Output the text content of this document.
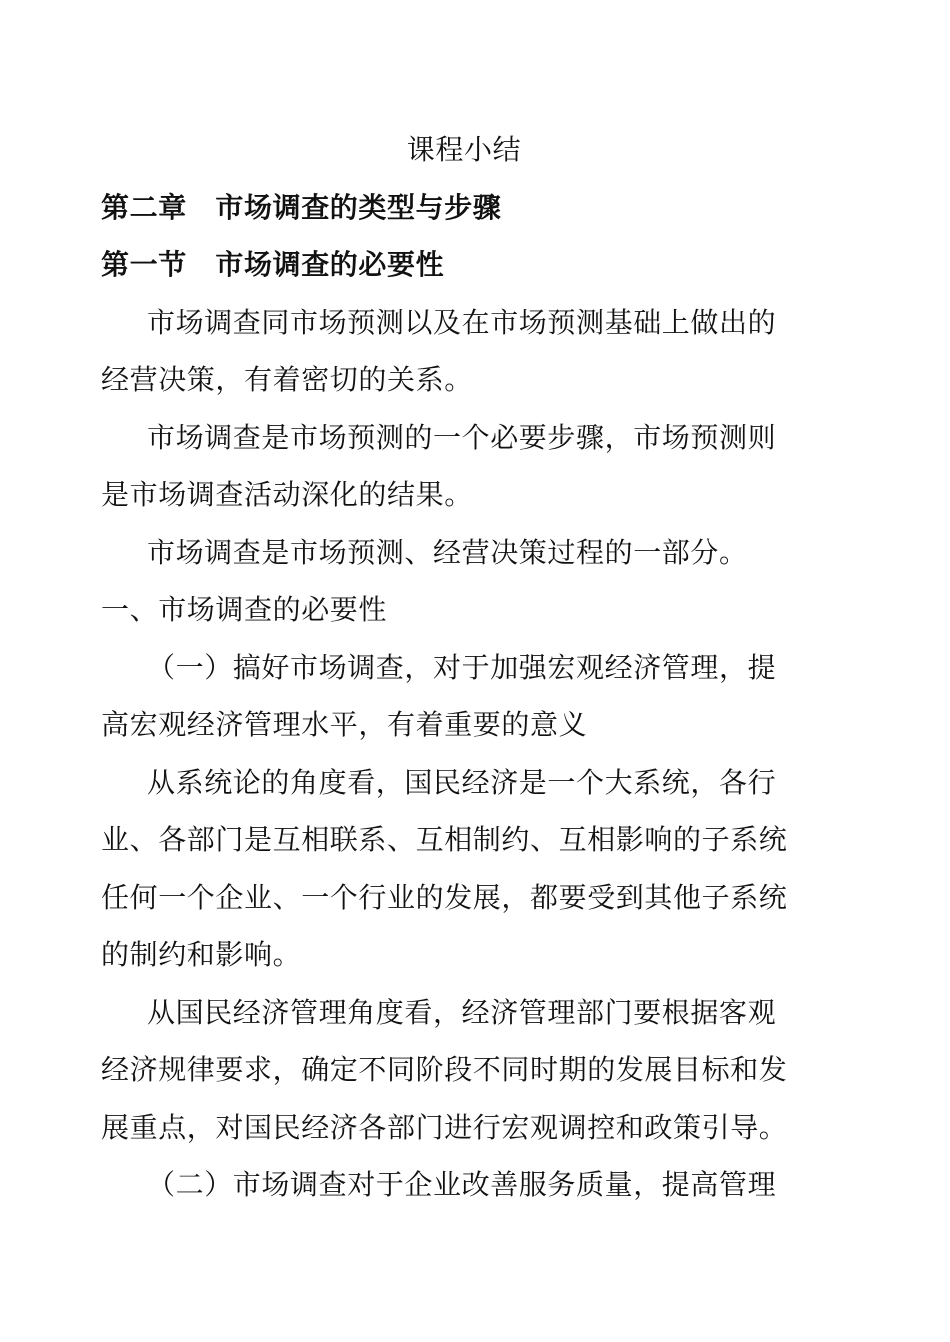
课程小结
第二章　市场调查的类型与步骤
第一节　市场调查的必要性
市场调查同市场预测以及在市场预测基础上做出的
经营决策，有着密切的关系。
市场调查是市场预测的一个必要步骤，市场预测则
是市场调查活动深化的结果。
市场调查是市场预测、经营决策过程的一部分。
一、市场调查的必要性
（一）搞好市场调查，对于加强宏观经济管理，提
高宏观经济管理水平，有着重要的意义
从系统论的角度看，国民经济是一个大系统，各行
业、各部门是互相联系、互相制约、互相影响的子系统
任何一个企业、一个行业的发展，都要受到其他子系统
的制约和影响。
从国民经济管理角度看，经济管理部门要根据客观
经济规律要求，确定不同阶段不同时期的发展目标和发
展重点，对国民经济各部门进行宏观调控和政策引导。
（二）市场调查对于企业改善服务质量，提高管理
